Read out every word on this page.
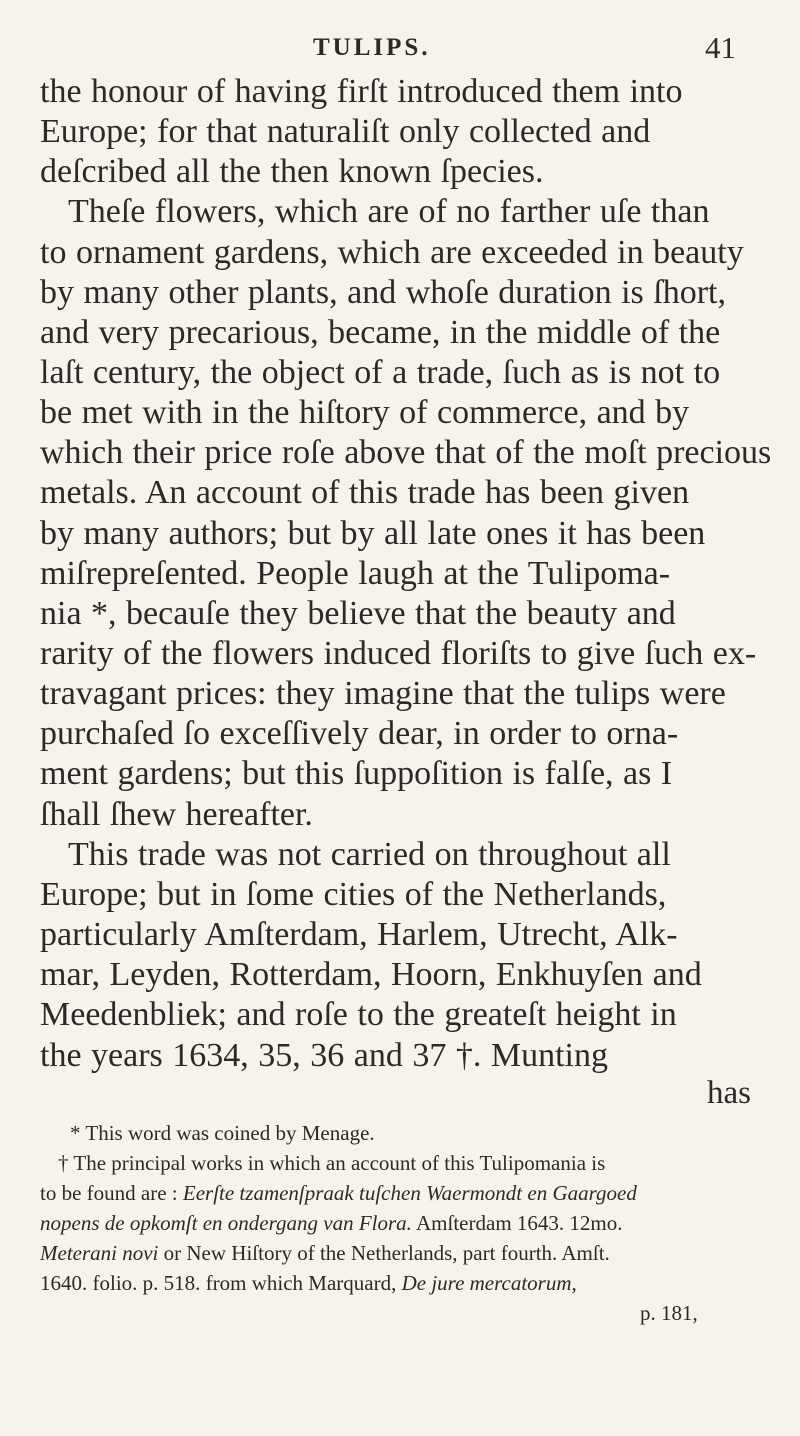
TULIPS.	41
the honour of having firſt introduced them into
Europe; for that naturaliſt only collected and
deſcribed all the then known ſpecies.
Theſe flowers, which are of no farther uſe than
to ornament gardens, which are exceeded in beauty
by many other plants, and whoſe duration is ſhort,
and very precarious, became, in the middle of the
laſt century, the object of a trade, ſuch as is not to
be met with in the hiſtory of commerce, and by
which their price roſe above that of the moſt precious
metals. An account of this trade has been given
by many authors; but by all late ones it has been
miſrepreſented. People laugh at the Tulipoma-
nia *, becauſe they believe that the beauty and
rarity of the flowers induced floriſts to give ſuch ex-
travagant prices: they imagine that the tulips were
purchaſed ſo exceſſively dear, in order to orna-
ment gardens; but this ſuppoſition is falſe, as I
ſhall ſhew hereafter.
This trade was not carried on throughout all
Europe; but in ſome cities of the Netherlands,
particularly Amſterdam, Harlem, Utrecht, Alk-
mar, Leyden, Rotterdam, Hoorn, Enkhuyſen and
Meedenbliek; and roſe to the greateſt height in
the years 1634, 35, 36 and 37 †. Munting
has
* This word was coined by Menage.
† The principal works in which an account of this Tulipomania is
to be found are : Eerſte tzamenſpraak tuſchen Waermondt en Gaargoed
nopens de opkomſt en ondergang van Flora. Amſterdam 1643. 12mo.
Meterani novi or New Hiſtory of the Netherlands, part fourth. Amſt.
1640. folio. p. 518. from which Marquard, De jure mercatorum,
p. 181,
